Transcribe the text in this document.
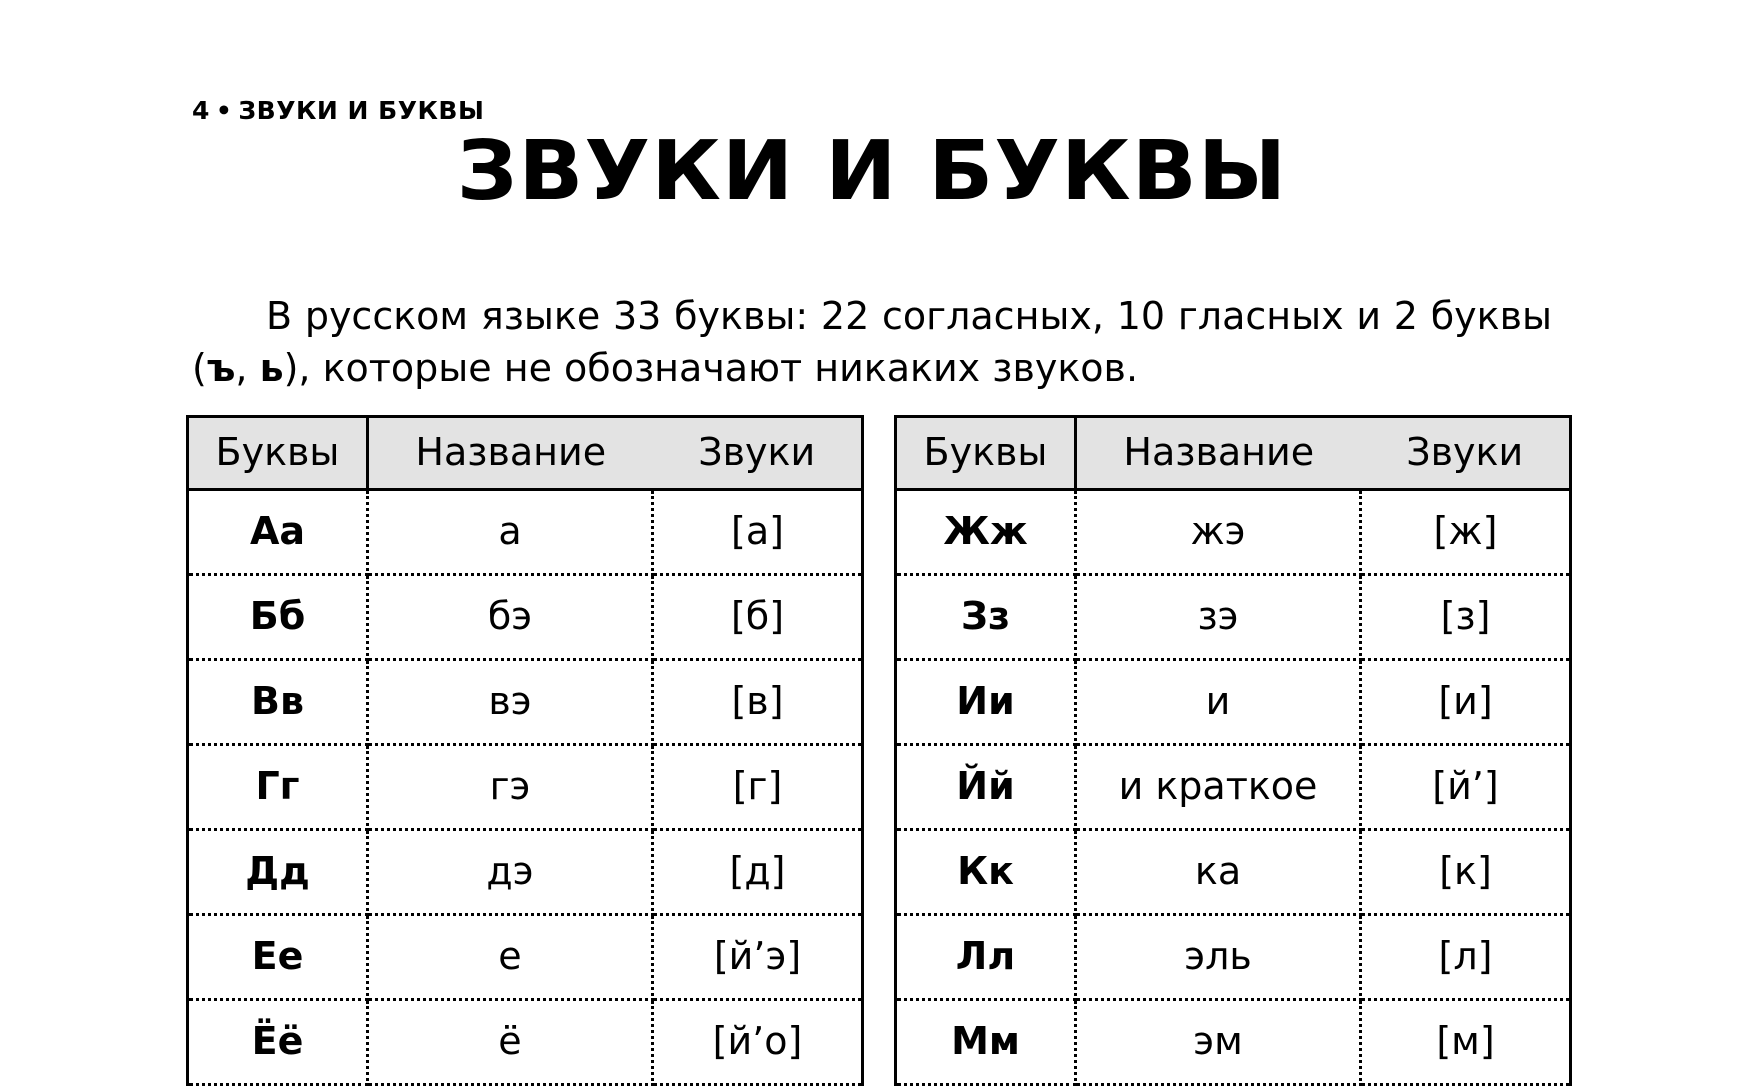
4 • ЗВУКИ И БУКВЫ
ЗВУКИ И БУКВЫ

В русском языке 33 буквы: 22 согласных, 10 гласных и 2 буквы (ъ, ь), которые не обозначают никаких звуков.

Буквы	Название	Звуки
Аа	а	[а]
Бб	бэ	[б]
Вв	вэ	[в]
Гг	гэ	[г]
Дд	дэ	[д]
Ее	е	[й’э]
Ёё	ё	[й’о]
Буквы	Название	Звуки
Жж	жэ	[ж]
Зз	зэ	[з]
Ии	и	[и]
Йй	и краткое	[й’]
Кк	ка	[к]
Лл	эль	[л]
Мм	эм	[м]
